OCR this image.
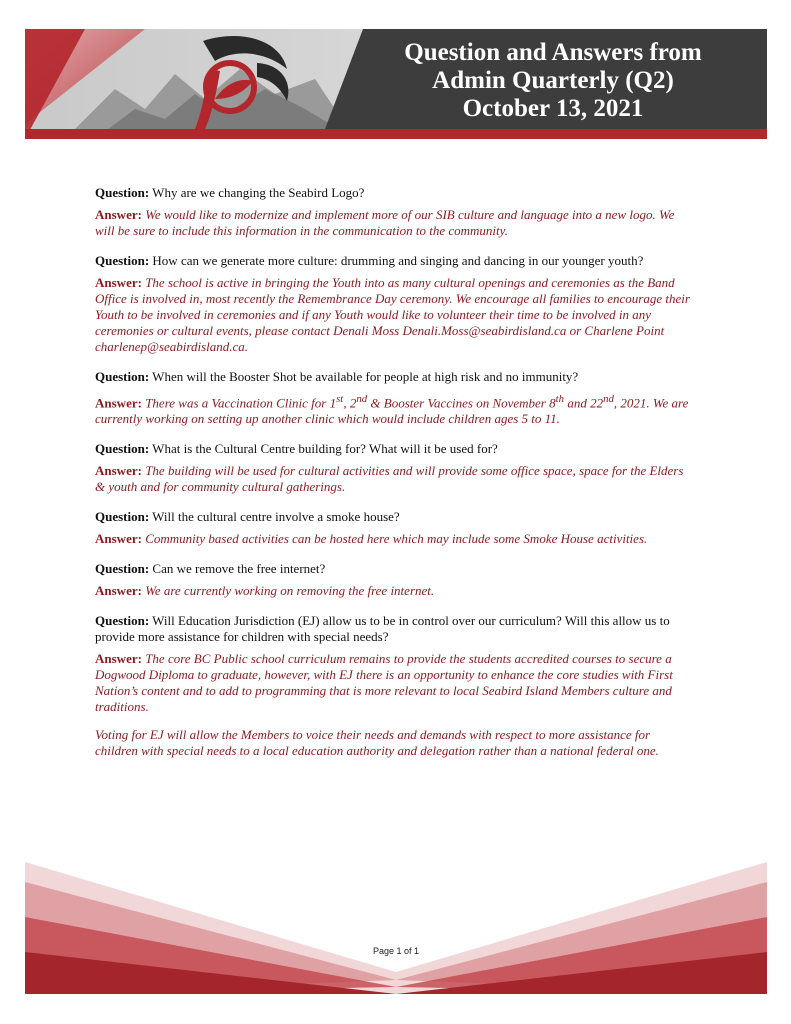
Question and Answers from
Admin Quarterly (Q2)
October 13, 2021

Question: Why are we changing the Seabird Logo?

Answer: We would like to modernize and implement more of our SIB culture and language into a new logo. We will be sure to include this information in the communication to the community.

Question: How can we generate more culture: drumming and singing and dancing in our younger youth?

Answer: The school is active in bringing the Youth into as many cultural openings and ceremonies as the Band Office is involved in, most recently the Remembrance Day ceremony. We encourage all families to encourage their Youth to be involved in ceremonies and if any Youth would like to volunteer their time to be involved in any ceremonies or cultural events, please contact Denali Moss Denali.Moss@seabirdisland.ca or Charlene Point charlenep@seabirdisland.ca.

Question: When will the Booster Shot be available for people at high risk and no immunity?

Answer: There was a Vaccination Clinic for 1st, 2nd & Booster Vaccines on November 8th and 22nd, 2021. We are currently working on setting up another clinic which would include children ages 5 to 11.

Question: What is the Cultural Centre building for? What will it be used for?

Answer: The building will be used for cultural activities and will provide some office space, space for the Elders & youth and for community cultural gatherings.

Question: Will the cultural centre involve a smoke house?

Answer: Community based activities can be hosted here which may include some Smoke House activities.

Question: Can we remove the free internet?

Answer: We are currently working on removing the free internet.

Question: Will Education Jurisdiction (EJ) allow us to be in control over our curriculum? Will this allow us to provide more assistance for children with special needs?

Answer: The core BC Public school curriculum remains to provide the students accredited courses to secure a Dogwood Diploma to graduate, however, with EJ there is an opportunity to enhance the core studies with First Nation’s content and to add to programming that is more relevant to local Seabird Island Members culture and traditions.

Voting for EJ will allow the Members to voice their needs and demands with respect to more assistance for children with special needs to a local education authority and delegation rather than a national federal one.

Page 1 of 1
